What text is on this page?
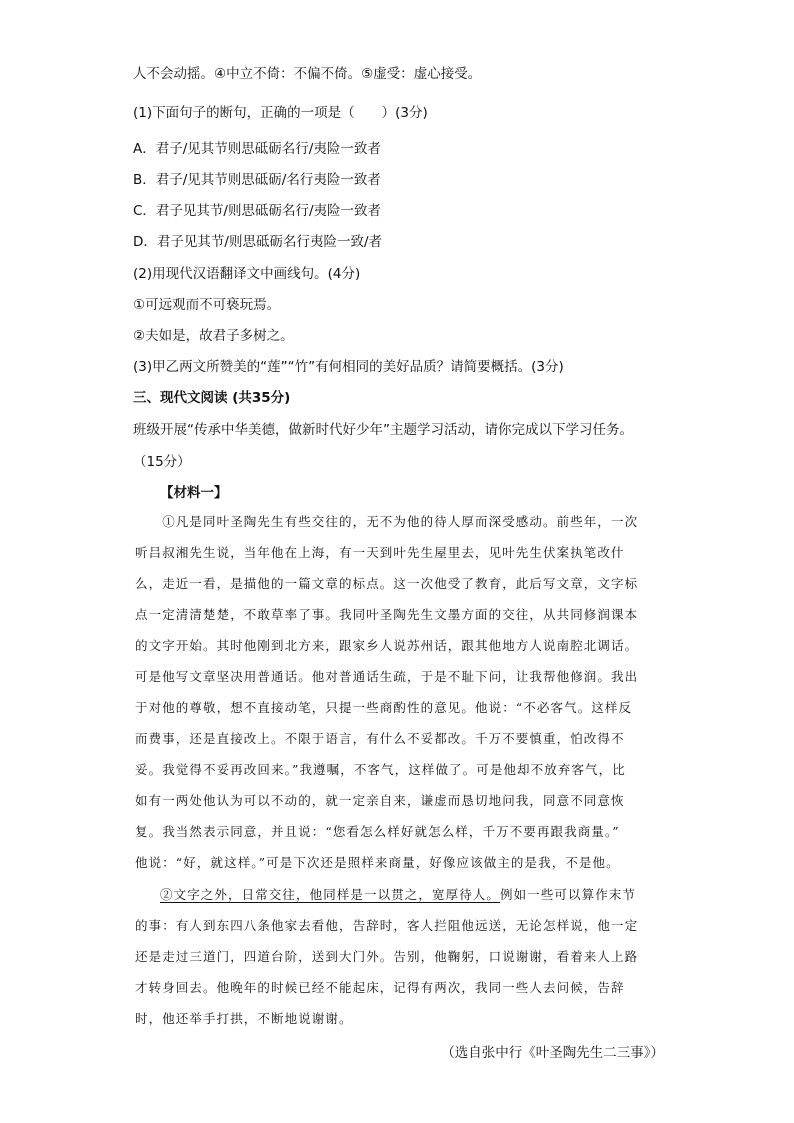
人不会动摇。④中立不倚：不偏不倚。⑤虚受：虚心接受。
(1)下面句子的断句，正确的一项是（　　）(3分)
A．君子/见其节则思砥砺名行/夷险一致者
B．君子/见其节则思砥砺/名行夷险一致者
C．君子见其节/则思砥砺名行/夷险一致者
D．君子见其节/则思砥砺名行夷险一致/者
(2)用现代汉语翻译文中画线句。(4分)
①可远观而不可亵玩焉。
②夫如是，故君子多树之。
(3)甲乙两文所赞美的“莲”“竹”有何相同的美好品质？请简要概括。(3分)
三、现代文阅读 (共35分)
班级开展“传承中华美德，做新时代好少年”主题学习活动，请你完成以下学习任务。
（15分）
【材料一】
　　①凡是同叶圣陶先生有些交往的，无不为他的待人厚而深受感动。前些年，一次
听吕叔湘先生说，当年他在上海，有一天到叶先生屋里去，见叶先生伏案执笔改什
么，走近一看，是描他的一篇文章的标点。这一次他受了教育，此后写文章，文字标
点一定清清楚楚，不敢草率了事。我同叶圣陶先生文墨方面的交往，从共同修润课本
的文字开始。其时他刚到北方来，跟家乡人说苏州话，跟其他地方人说南腔北调话。
可是他写文章坚决用普通话。他对普通话生疏，于是不耻下问，让我帮他修润。我出
于对他的尊敬，想不直接动笔，只提一些商酌性的意见。他说：“不必客气。这样反
而费事，还是直接改上。不限于语言，有什么不妥都改。千万不要慎重，怕改得不
妥。我觉得不妥再改回来。”我遵嘱，不客气，这样做了。可是他却不放弃客气，比
如有一两处他认为可以不动的，就一定亲自来，谦虚而恳切地问我，同意不同意恢
复。我当然表示同意，并且说：“您看怎么样好就怎么样，千万不要再跟我商量。”
他说：“好，就这样。”可是下次还是照样来商量，好像应该做主的是我，不是他。
②文字之外，日常交往，他同样是一以贯之，宽厚待人。例如一些可以算作末节
的事：有人到东四八条他家去看他，告辞时，客人拦阻他远送，无论怎样说，他一定
还是走过三道门，四道台阶，送到大门外。告别，他鞠躬，口说谢谢，看着来人上路
才转身回去。他晚年的时候已经不能起床，记得有两次，我同一些人去问候，告辞
时，他还举手打拱，不断地说谢谢。
（选自张中行《叶圣陶先生二三事》）
